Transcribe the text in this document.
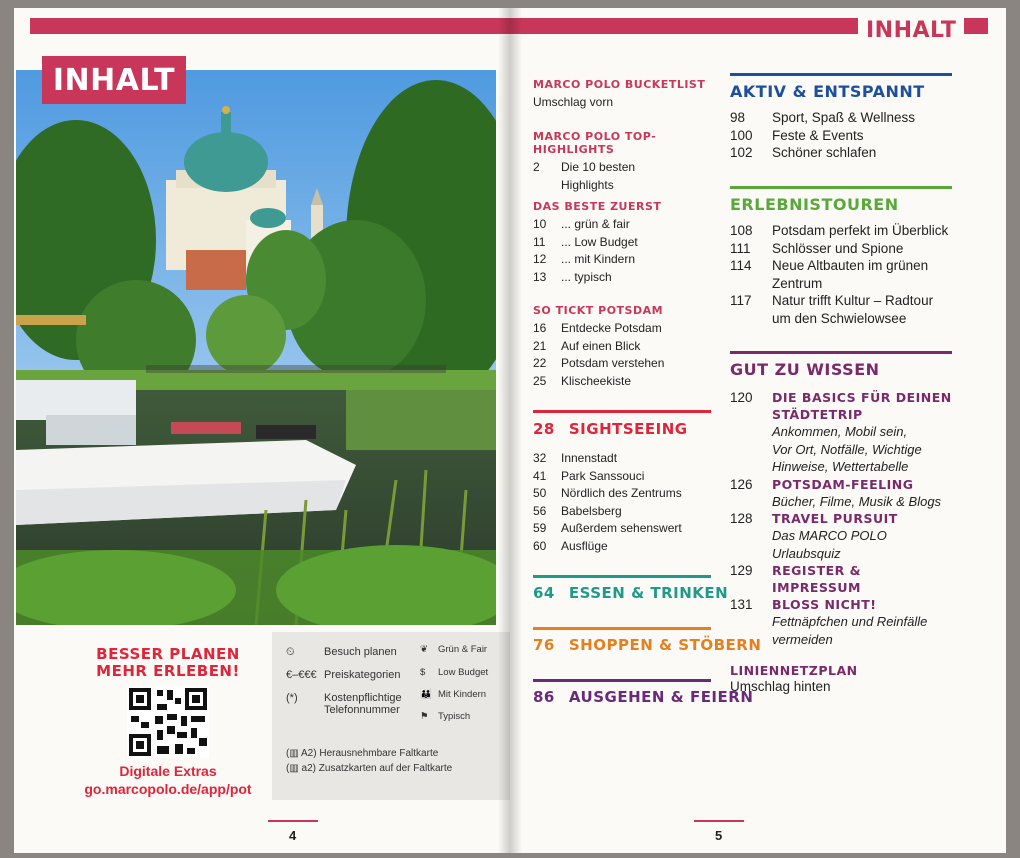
INHALT
BESSER PLANEN
MEHR ERLEBEN!
Digitale Extras
go.marcopolo.de/app/pot
⏲	Besuch planen
€–€€€ Preiskategorien
(*)	Kostenpflichtige Telefonnummer
❦	Grün & Fair
$	Low Budget
👪 Mit Kindern
⚑ Typisch
(▥ A2) Herausnehmbare Faltkarte
(▥ a2) Zusatzkarten auf der Faltkarte
4
INHALT
MARCO POLO BUCKETLIST
Umschlag vorn
MARCO POLO TOP-HIGHLIGHTS
2	Die 10 besten
Highlights
DAS BESTE ZUERST
10	... grün & fair
11	... Low Budget
12	... mit Kindern
13	... typisch
SO TICKT POTSDAM
16	Entdecke Potsdam
21	Auf einen Blick
22	Potsdam verstehen
25	Klischeekiste
28 SIGHTSEEING
32	Innenstadt
41	Park Sanssouci
50	Nördlich des Zentrums
56	Babelsberg
59	Außerdem sehenswert
60	Ausflüge
64 ESSEN & TRINKEN
76 SHOPPEN & STÖBERN
86 AUSGEHEN & FEIERN
AKTIV & ENTSPANNT
98	Sport, Spaß & Wellness
100	Feste & Events
102	Schöner schlafen
ERLEBNISTOUREN
108	Potsdam perfekt im Überblick
111	Schlösser und Spione
114	Neue Altbauten im grünen
Zentrum
117	Natur trifft Kultur – Radtour
um den Schwielowsee
GUT ZU WISSEN
120	DIE BASICS FÜR DEINEN
STÄDTETRIP
Ankommen, Mobil sein,
Vor Ort, Notfälle, Wichtige
Hinweise, Wettertabelle
126	POTSDAM-FEELING
Bücher, Filme, Musik & Blogs
128	TRAVEL PURSUIT
Das MARCO POLO Urlaubsquiz
129	REGISTER & IMPRESSUM
131	BLOSS NICHT!
Fettnäpfchen und Reinfälle
vermeiden
LINIENNETZPLAN
Umschlag hinten
5
